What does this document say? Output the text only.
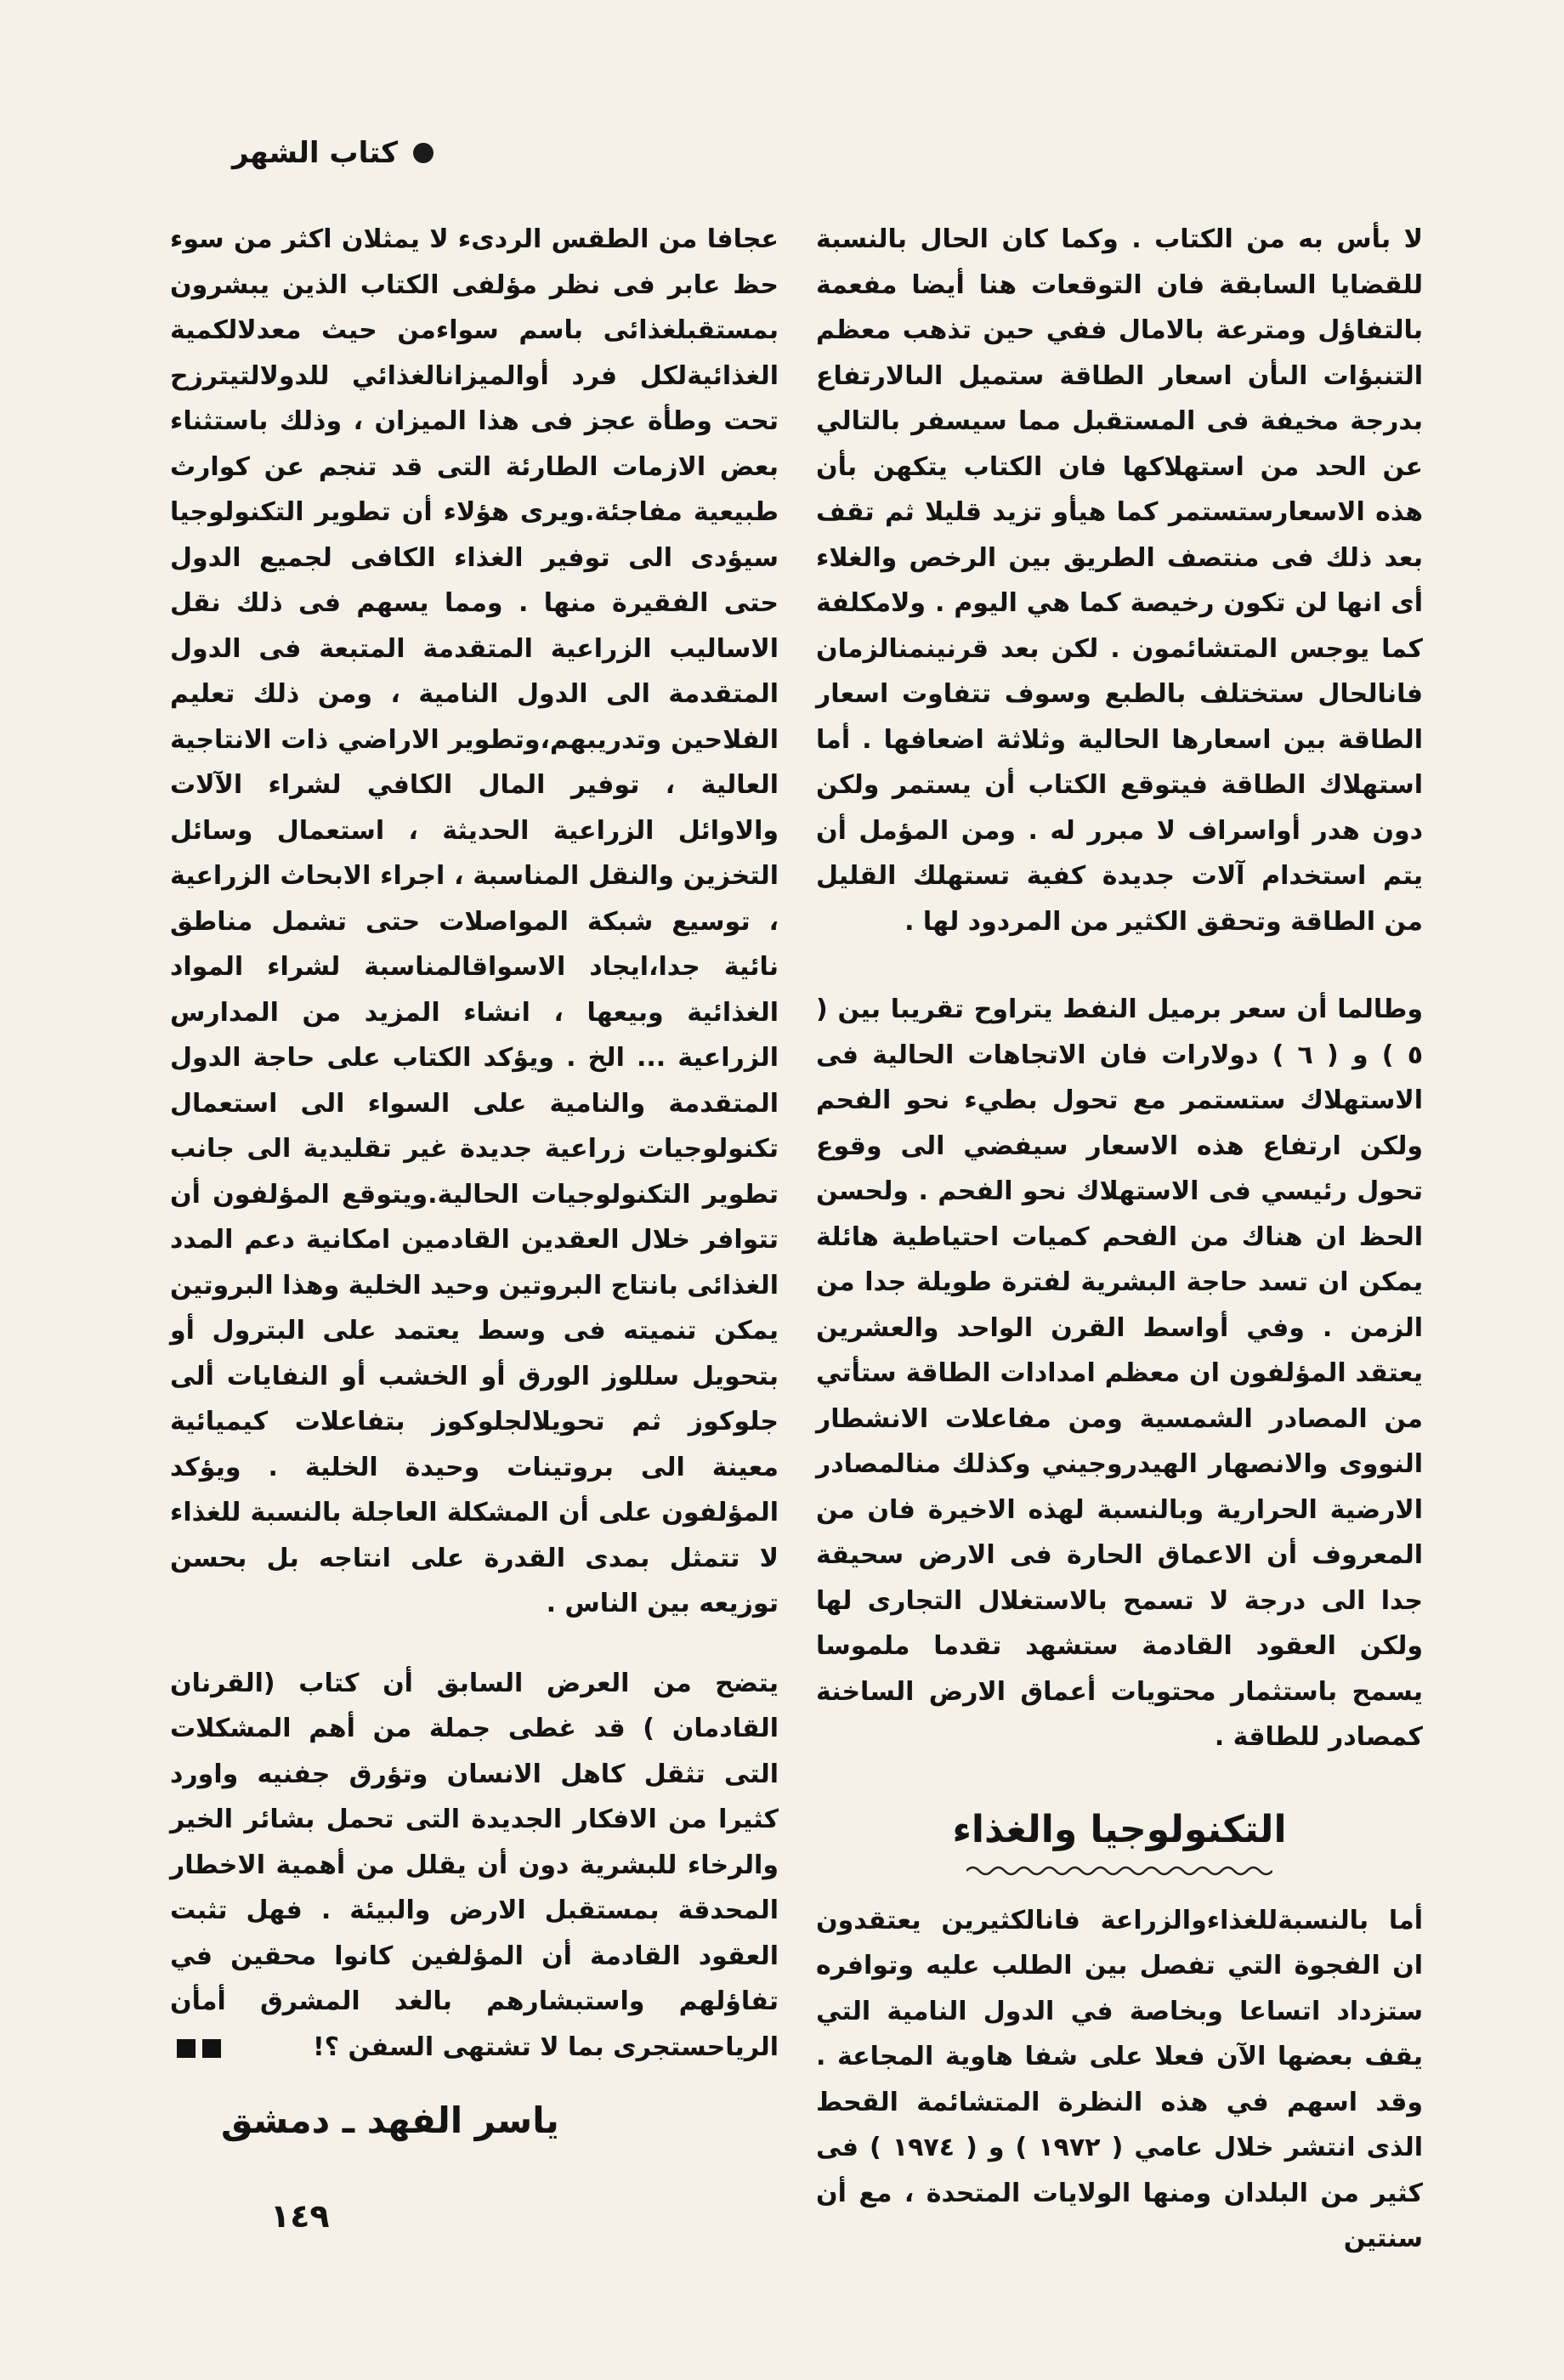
كتاب الشهر

لا بأس به من الكتاب . وكما كان الحال بالنسبة للقضايا السابقة فان التوقعات هنا أيضا مفعمة بالتفاؤل ومترعة بالامال ففي حين تذهب معظم التنبؤات الىأن اسعار الطاقة ستميل الىالارتفاع بدرجة مخيفة فى المستقبل مما سيسفر بالتالي عن الحد من استهلاكها فان الكتاب يتكهن بأن هذه الاسعارستستمر كما هيأو تزيد قليلا ثم تقف بعد ذلك فى منتصف الطريق بين الرخص والغلاء أى انها لن تكون رخيصة كما هي اليوم . ولامكلفة كما يوجس المتشائمون . لكن بعد قرنينمنالزمان فانالحال ستختلف بالطبع وسوف تتفاوت اسعار الطاقة بين اسعارها الحالية وثلاثة اضعافها . أما استهلاك الطاقة فيتوقع الكتاب أن يستمر ولكن دون هدر أواسراف لا مبرر له . ومن المؤمل أن يتم استخدام آلات جديدة كفية تستهلك القليل من الطاقة وتحقق الكثير من المردود لها .

وطالما أن سعر برميل النفط يتراوح تقريبا بين ( ٥ ) و ( ٦ ) دولارات فان الاتجاهات الحالية فى الاستهلاك ستستمر مع تحول بطيء نحو الفحم ولكن ارتفاع هذه الاسعار سيفضي الى وقوع تحول رئيسي فى الاستهلاك نحو الفحم . ولحسن الحظ ان هناك من الفحم كميات احتياطية هائلة يمكن ان تسد حاجة البشرية لفترة طويلة جدا من الزمن . وفي أواسط القرن الواحد والعشرين يعتقد المؤلفون ان معظم امدادات الطاقة ستأتي من المصادر الشمسية ومن مفاعلات الانشطار النووى والانصهار الهيدروجيني وكذلك منالمصادر الارضية الحرارية وبالنسبة لهذه الاخيرة فان من المعروف أن الاعماق الحارة فى الارض سحيقة جدا الى درجة لا تسمح بالاستغلال التجارى لها ولكن العقود القادمة ستشهد تقدما ملموسا يسمح باستثمار محتويات أعماق الارض الساخنة كمصادر للطاقة .

التكنولوجيا والغذاء

أما بالنسبةللغذاءوالزراعة فانالكثيرين يعتقدون ان الفجوة التي تفصل بين الطلب عليه وتوافره ستزداد اتساعا وبخاصة في الدول النامية التي يقف بعضها الآن فعلا على شفا هاوية المجاعة . وقد اسهم في هذه النظرة المتشائمة القحط الذى انتشر خلال عامي ( ١٩٧٢ ) و ( ١٩٧٤ ) فى كثير من البلدان ومنها الولايات المتحدة ، مع أن سنتين

عجافا من الطقس الردىء لا يمثلان اكثر من سوء حظ عابر فى نظر مؤلفى الكتاب الذين يبشرون بمستقبلغذائى باسم سواءمن حيث معدلالكمية الغذائيةلكل فرد أوالميزانالغذائي للدولالتيترزح تحت وطأة عجز فى هذا الميزان ، وذلك باستثناء بعض الازمات الطارئة التى قد تنجم عن كوارث طبيعية مفاجئة.ويرى هؤلاء أن تطوير التكنولوجيا سيؤدى الى توفير الغذاء الكافى لجميع الدول حتى الفقيرة منها . ومما يسهم فى ذلك نقل الاساليب الزراعية المتقدمة المتبعة فى الدول المتقدمة الى الدول النامية ، ومن ذلك تعليم الفلاحين وتدريبهم،وتطوير الاراضي ذات الانتاجية العالية ، توفير المال الكافي لشراء الآلات والاوائل الزراعية الحديثة ، استعمال وسائل التخزين والنقل المناسبة ، اجراء الابحاث الزراعية ، توسيع شبكة المواصلات حتى تشمل مناطق نائية جدا،ايجاد الاسواقالمناسبة لشراء المواد الغذائية وبيعها ، انشاء المزيد من المدارس الزراعية ... الخ . ويؤكد الكتاب على حاجة الدول المتقدمة والنامية على السواء الى استعمال تكنولوجيات زراعية جديدة غير تقليدية الى جانب تطوير التكنولوجيات الحالية.ويتوقع المؤلفون أن تتوافر خلال العقدين القادمين امكانية دعم المدد الغذائى بانتاج البروتين وحيد الخلية وهذا البروتين يمكن تنميته فى وسط يعتمد على البترول أو بتحويل سللوز الورق أو الخشب أو النفايات ألى جلوكوز ثم تحويلالجلوكوز بتفاعلات كيميائية معينة الى بروتينات وحيدة الخلية . ويؤكد المؤلفون على أن المشكلة العاجلة بالنسبة للغذاء لا تتمثل بمدى القدرة على انتاجه بل بحسن توزيعه بين الناس .

يتضح من العرض السابق أن كتاب (القرنان القادمان ) قد غطى جملة من أهم المشكلات التى تثقل كاهل الانسان وتؤرق جفنيه واورد كثيرا من الافكار الجديدة التى تحمل بشائر الخير والرخاء للبشرية دون أن يقلل من أهمية الاخطار المحدقة بمستقبل الارض والبيئة . فهل تثبت العقود القادمة أن المؤلفين كانوا محقين في تفاؤلهم واستبشارهم بالغد المشرق أمأن الرياحستجرى بما لا تشتهى السفن ؟!

ياسر الفهد ـ دمشق
١٤٩
